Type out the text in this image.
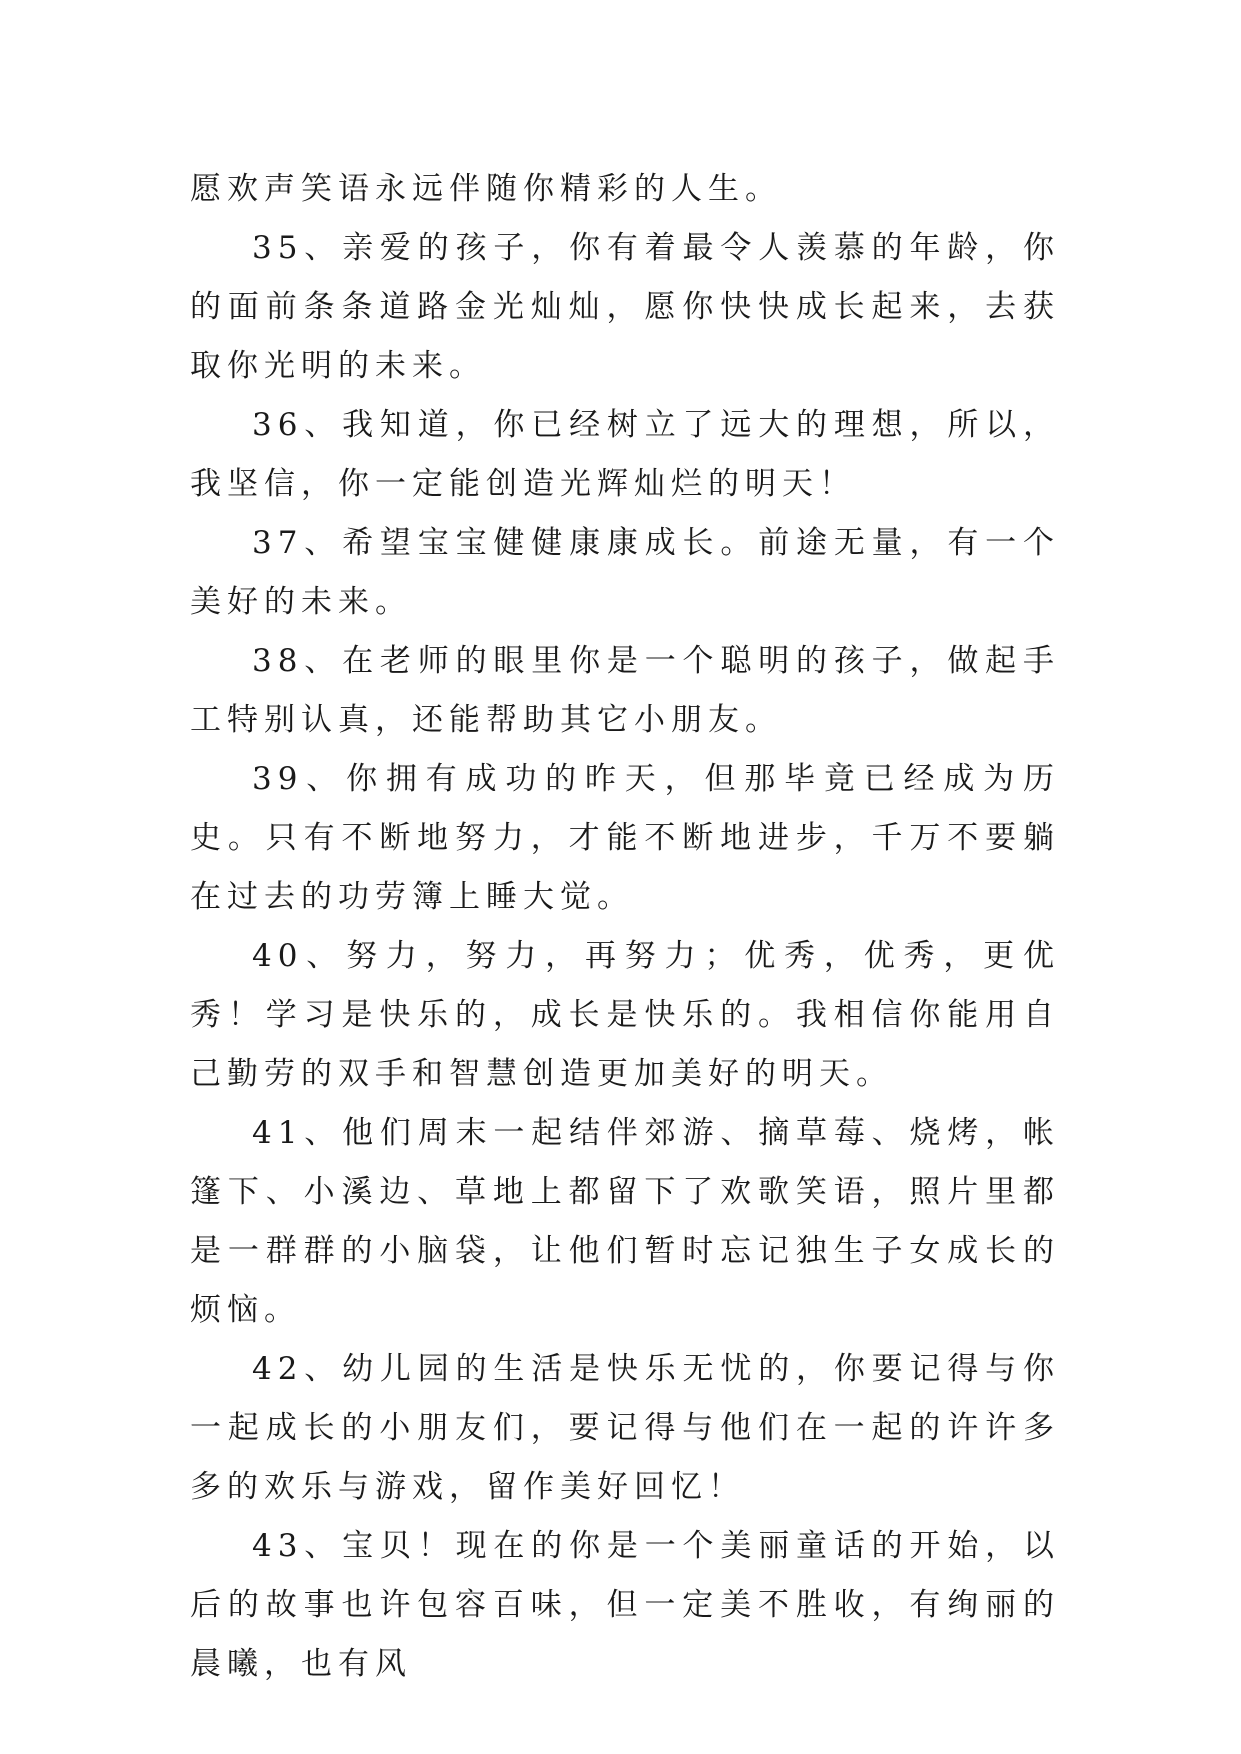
愿欢声笑语永远伴随你精彩的人生。

35、亲爱的孩子，你有着最令人羡慕的年龄，你的面前条条道路金光灿灿，愿你快快成长起来，去获取你光明的未来。

36、我知道，你已经树立了远大的理想，所以，我坚信，你一定能创造光辉灿烂的明天！

37、希望宝宝健健康康成长。前途无量，有一个美好的未来。

38、在老师的眼里你是一个聪明的孩子，做起手工特别认真，还能帮助其它小朋友。

39、你拥有成功的昨天，但那毕竟已经成为历史。只有不断地努力，才能不断地进步，千万不要躺在过去的功劳簿上睡大觉。

40、努力，努力，再努力；优秀，优秀，更优秀！学习是快乐的，成长是快乐的。我相信你能用自己勤劳的双手和智慧创造更加美好的明天。

41、他们周末一起结伴郊游、摘草莓、烧烤，帐篷下、小溪边、草地上都留下了欢歌笑语，照片里都是一群群的小脑袋，让他们暂时忘记独生子女成长的烦恼。

42、幼儿园的生活是快乐无忧的，你要记得与你一起成长的小朋友们，要记得与他们在一起的许许多多的欢乐与游戏，留作美好回忆！

43、宝贝！现在的你是一个美丽童话的开始，以后的故事也许包容百味，但一定美不胜收，有绚丽的晨曦，也有风
